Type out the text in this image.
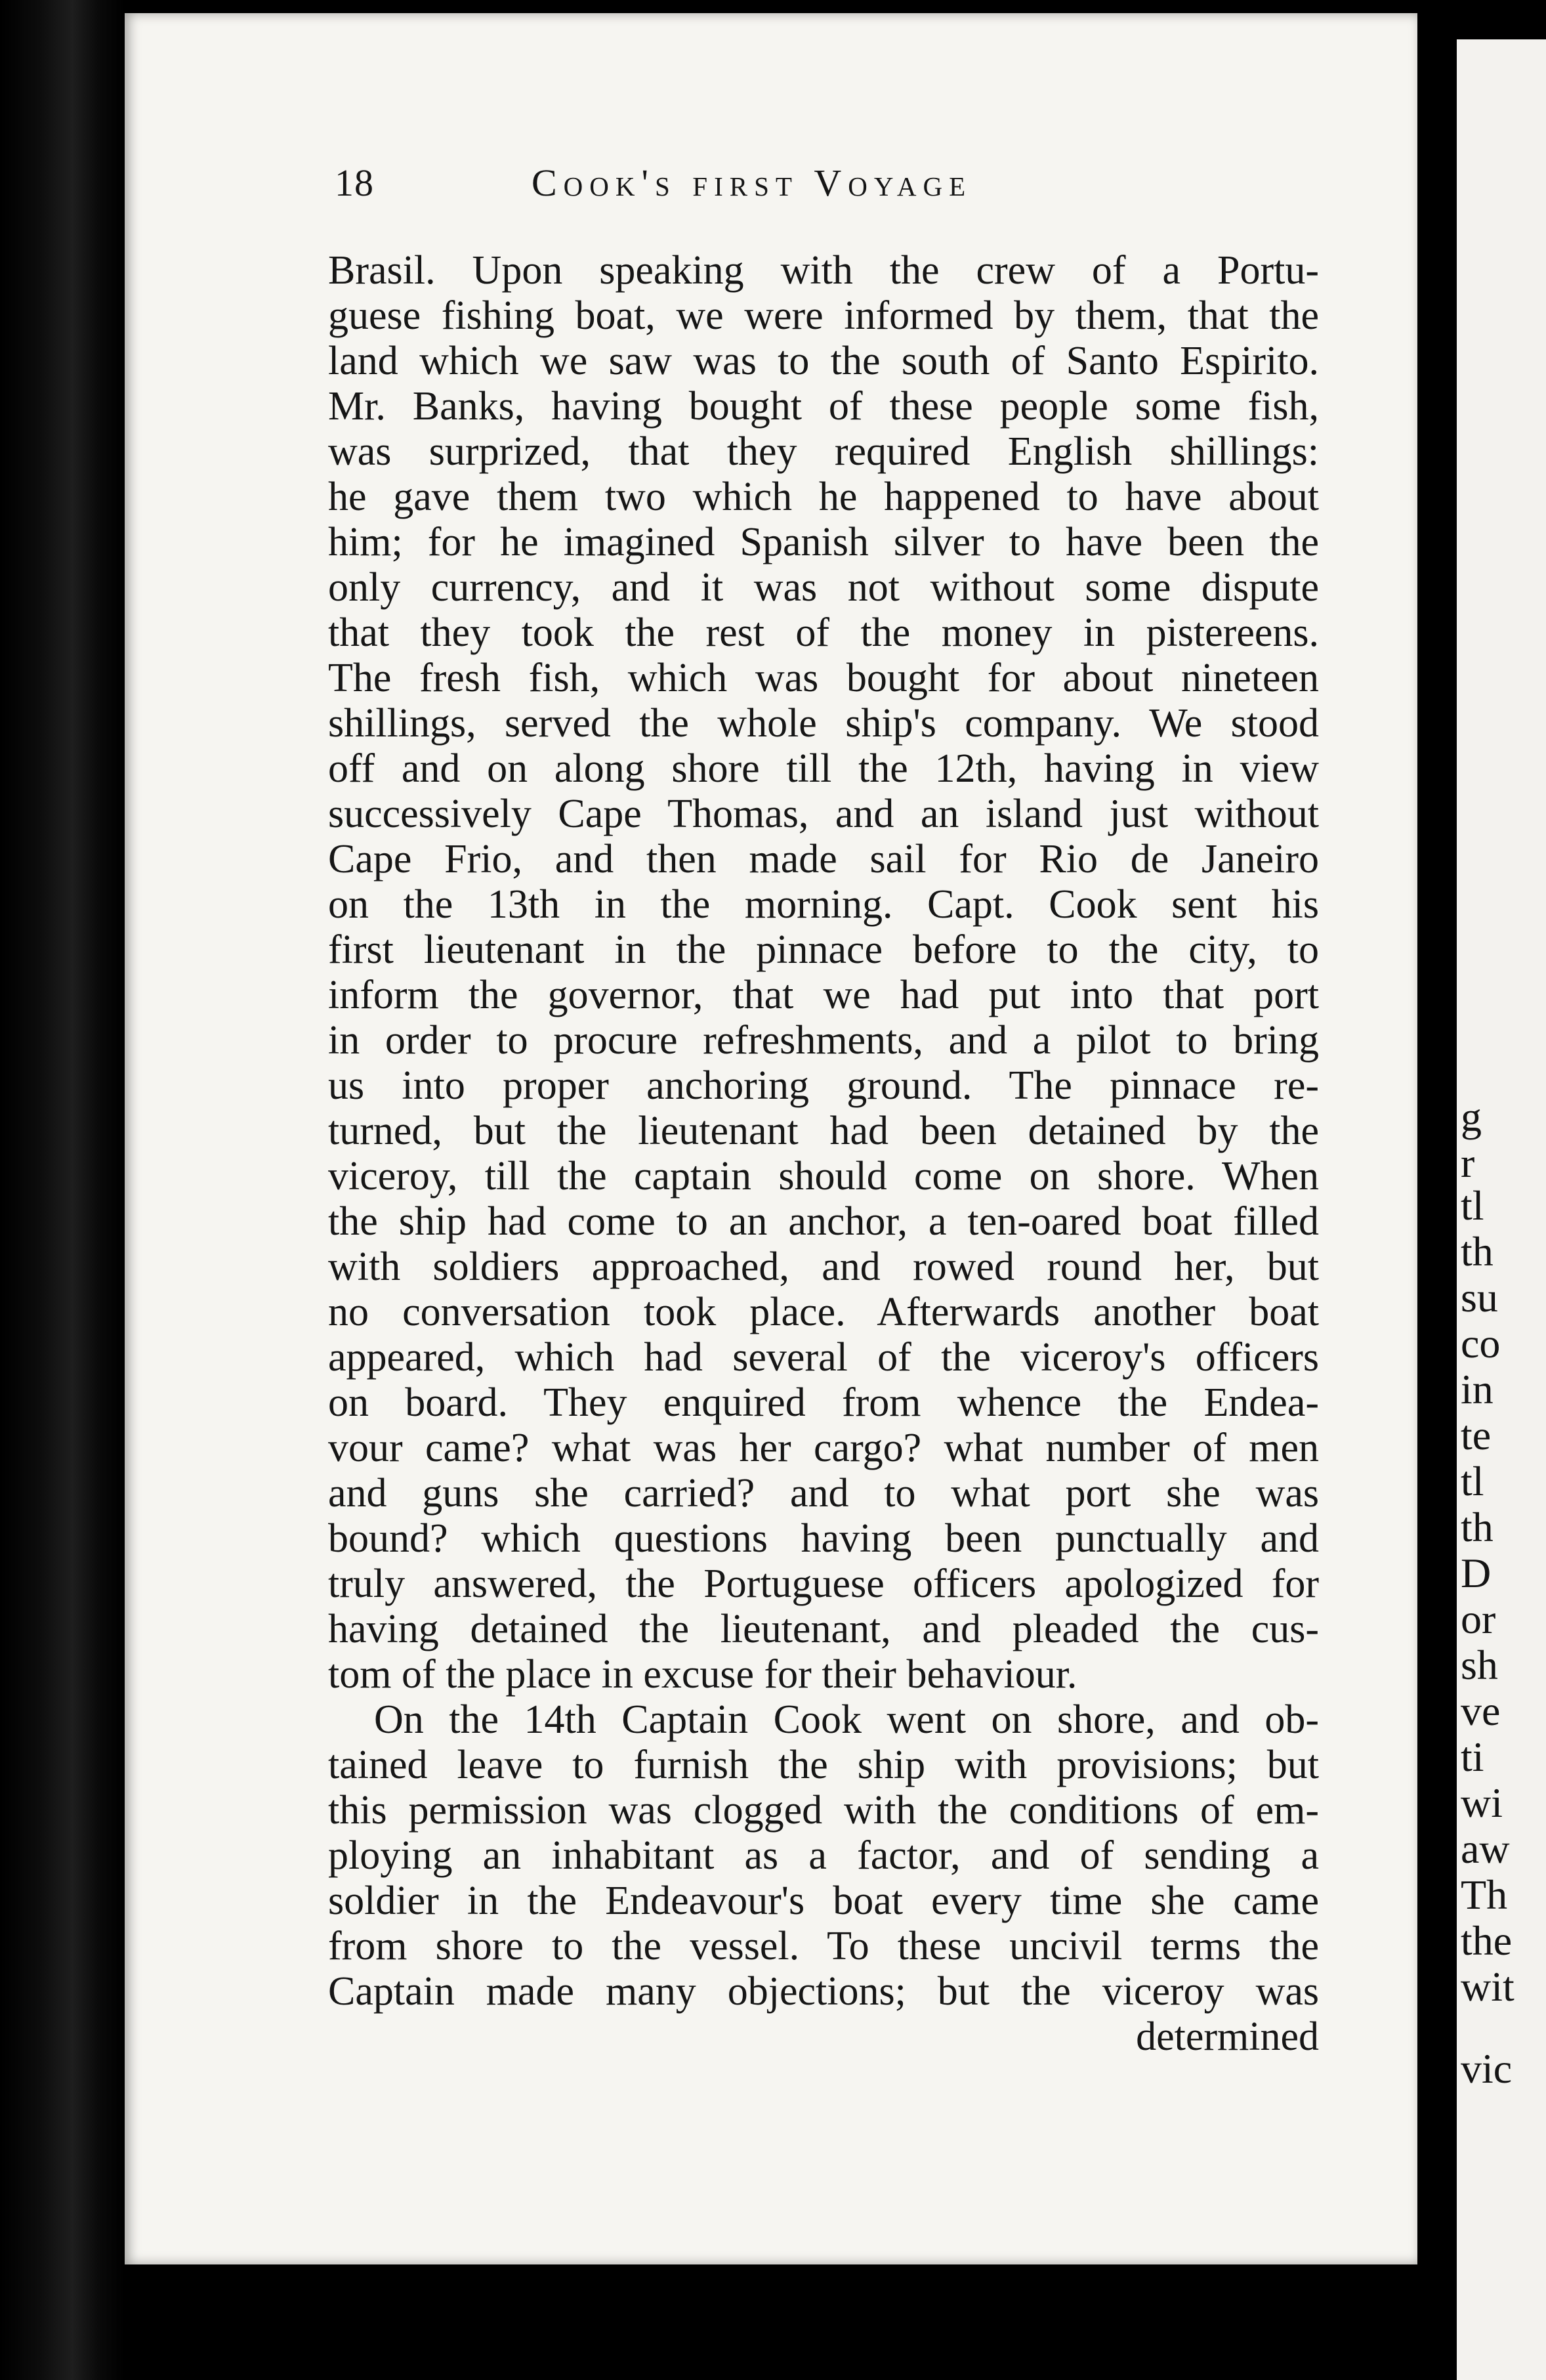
18	Cook's first Voyage
Brasil. Upon speaking with the crew of a Portu-
guese fishing boat, we were informed by them, that the
land which we saw was to the south of Santo Espirito.
Mr. Banks, having bought of these people some fish,
was surprized, that they required English shillings:
he gave them two which he happened to have about
him; for he imagined Spanish silver to have been the
only currency, and it was not without some dispute
that they took the rest of the money in pistereens.
The fresh fish, which was bought for about nineteen
shillings, served the whole ship's company. We stood
off and on along shore till the 12th, having in view
successively Cape Thomas, and an island just without
Cape Frio, and then made sail for Rio de Janeiro
on the 13th in the morning. Capt. Cook sent his
first lieutenant in the pinnace before to the city, to
inform the governor, that we had put into that port
in order to procure refreshments, and a pilot to bring
us into proper anchoring ground. The pinnace re-
turned, but the lieutenant had been detained by the
viceroy, till the captain should come on shore. When
the ship had come to an anchor, a ten-oared boat filled
with soldiers approached, and rowed round her, but
no conversation took place. Afterwards another boat
appeared, which had several of the viceroy's officers
on board. They enquired from whence the Endea-
vour came? what was her cargo? what number of men
and guns she carried? and to what port she was
bound? which questions having been punctually and
truly answered, the Portuguese officers apologized for
having detained the lieutenant, and pleaded the cus-
tom of the place in excuse for their behaviour.
On the 14th Captain Cook went on shore, and ob-
tained leave to furnish the ship with provisions; but
this permission was clogged with the conditions of em-
ploying an inhabitant as a factor, and of sending a
soldier in the Endeavour's boat every time she came
from shore to the vessel. To these uncivil terms the
Captain made many objections; but the viceroy was
determined
g
r
tl
th
su
co
in
te
tl
th
D
or
sh
ve
ti
wi
aw
Th
the
wit
vic
